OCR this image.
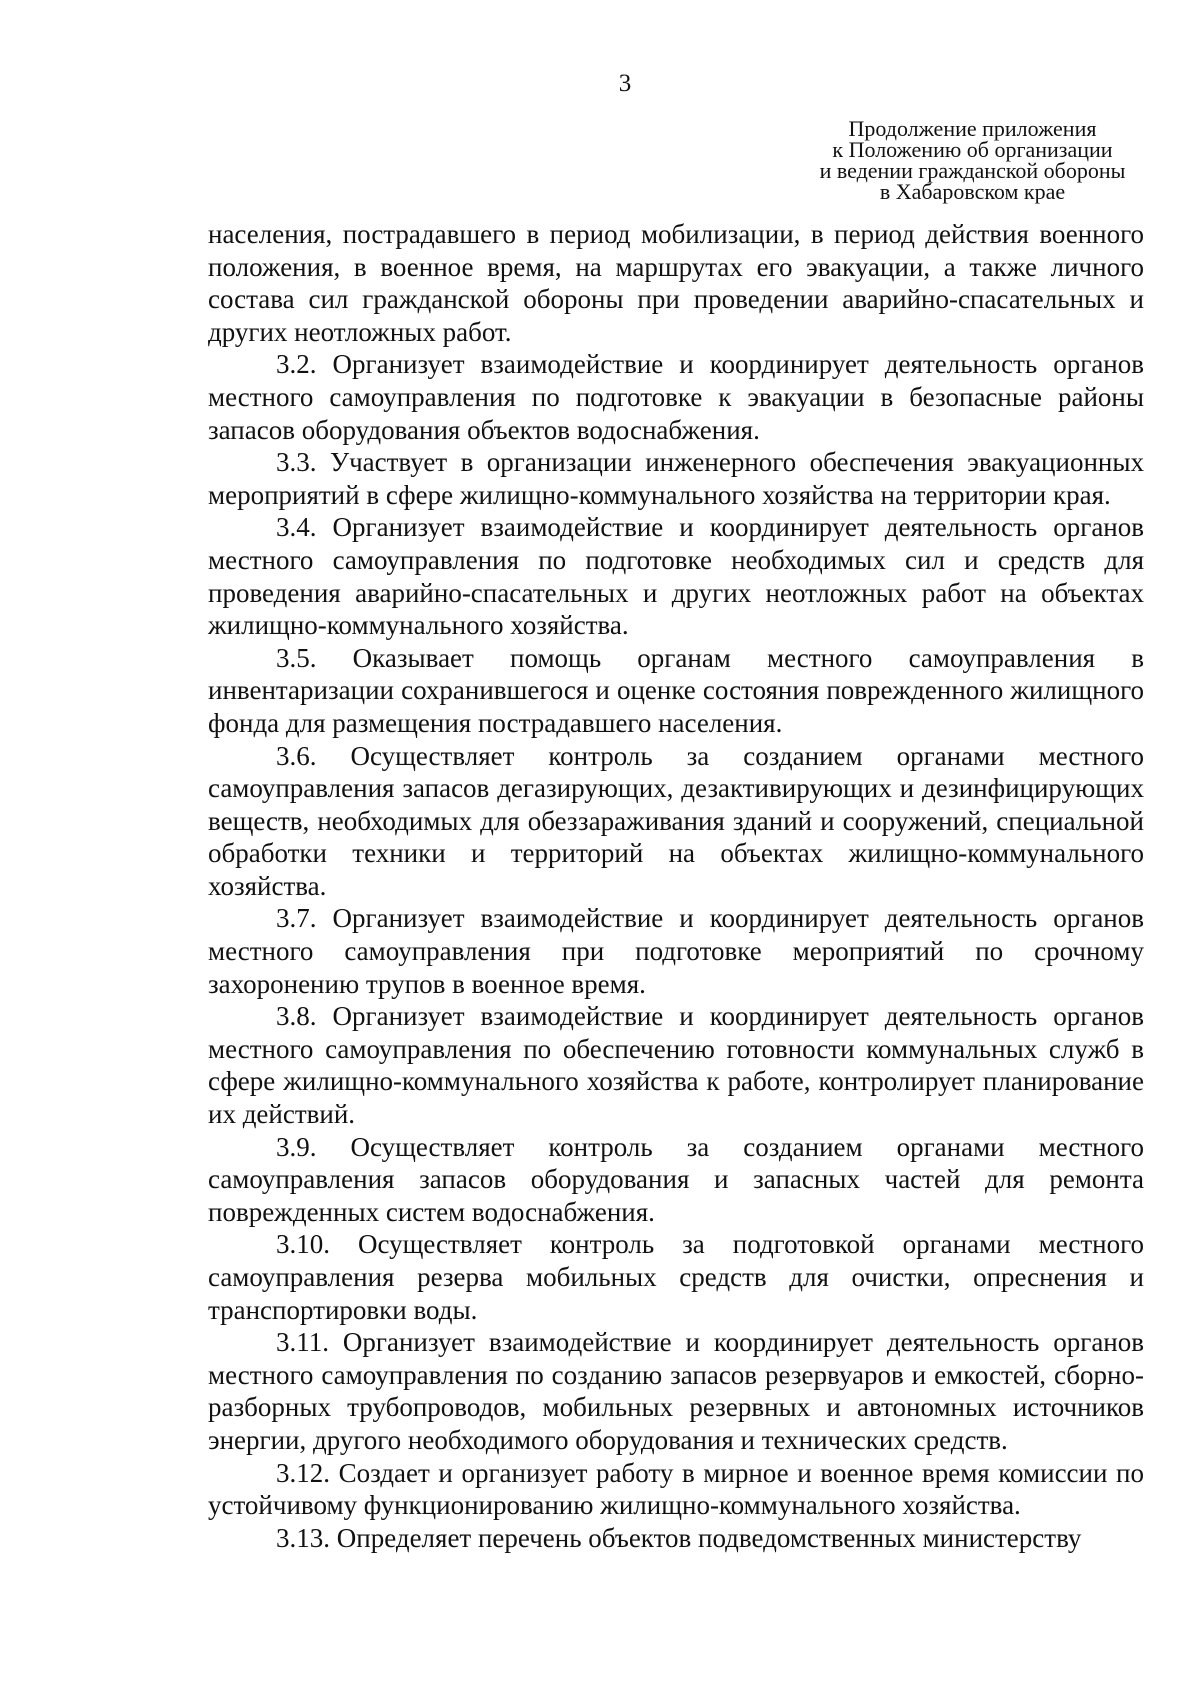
3
Продолжение приложения
к Положению об организации
и ведении гражданской обороны
в Хабаровском крае

населения, пострадавшего в период мобилизации, в период действия военного положения, в военное время, на маршрутах его эвакуации, а также личного состава сил гражданской обороны при проведении аварийно-спасательных и других неотложных работ.

3.2. Организует взаимодействие и координирует деятельность органов местного самоуправления по подготовке к эвакуации в безопасные районы запасов оборудования объектов водоснабжения.

3.3. Участвует в организации инженерного обеспечения эвакуационных мероприятий в сфере жилищно-коммунального хозяйства на территории края.

3.4. Организует взаимодействие и координирует деятельность органов местного самоуправления по подготовке необходимых сил и средств для проведения аварийно-спасательных и других неотложных работ на объектах жилищно-коммунального хозяйства.

3.5. Оказывает помощь органам местного самоуправления в инвентаризации сохранившегося и оценке состояния поврежденного жилищного фонда для размещения пострадавшего населения.

3.6. Осуществляет контроль за созданием органами местного самоуправления запасов дегазирующих, дезактивирующих и дезинфицирующих веществ, необходимых для обеззараживания зданий и сооружений, специальной обработки техники и территорий на объектах жилищно-коммунального хозяйства.

3.7. Организует взаимодействие и координирует деятельность органов местного самоуправления при подготовке мероприятий по срочному захоронению трупов в военное время.

3.8. Организует взаимодействие и координирует деятельность органов местного самоуправления по обеспечению готовности коммунальных служб в сфере жилищно-коммунального хозяйства к работе, контролирует планирование их действий.

3.9. Осуществляет контроль за созданием органами местного самоуправления запасов оборудования и запасных частей для ремонта поврежденных систем водоснабжения.

3.10. Осуществляет контроль за подготовкой органами местного самоуправления резерва мобильных средств для очистки, опреснения и транспортировки воды.

3.11. Организует взаимодействие и координирует деятельность органов местного самоуправления по созданию запасов резервуаров и емкостей, сборно-разборных трубопроводов, мобильных резервных и автономных источников энергии, другого необходимого оборудования и технических средств.

3.12. Создает и организует работу в мирное и военное время комиссии по устойчивому функционированию жилищно-коммунального хозяйства.

3.13. Определяет перечень объектов подведомственных министерству
